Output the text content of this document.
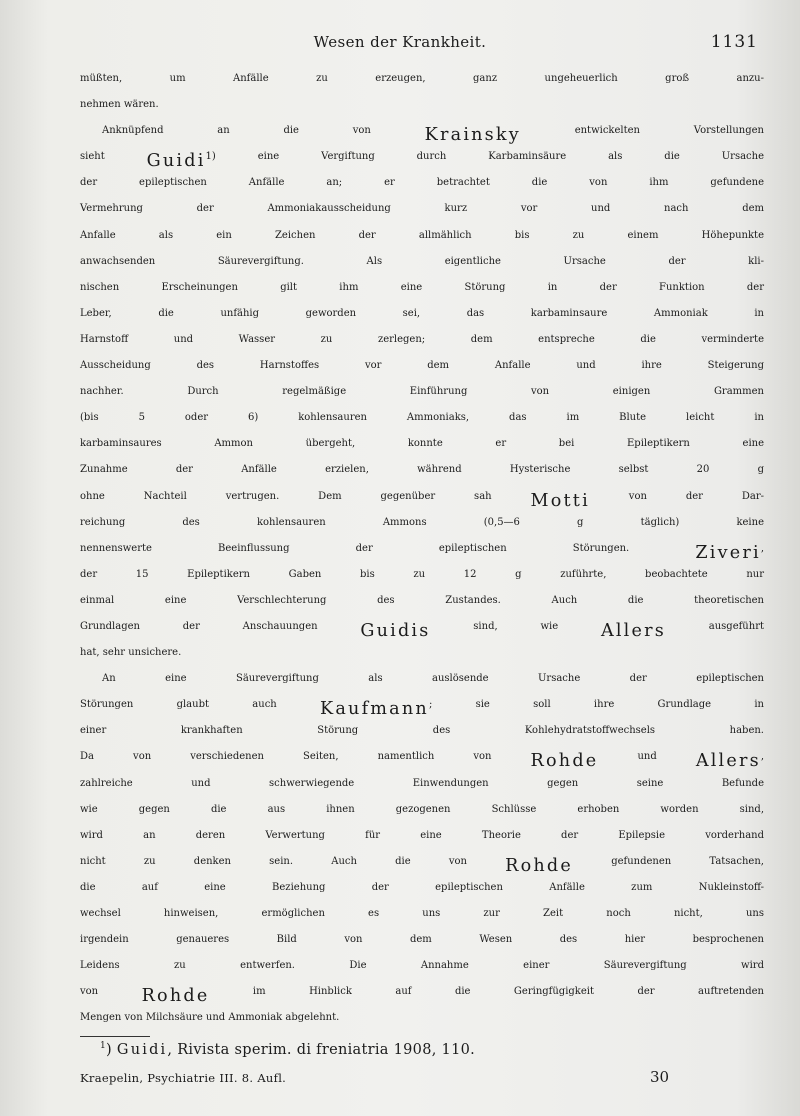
Wesen der Krankheit.	1131
$^{müßten, um Anfälle zu erzeugen, ganz ungeheuerlich groß anzu-}$
$^{nehmen wären.}$
$^{Anknüpfend an die von}$ Krainsky $^{entwickelten Vorstellungen}$
$^{sieht}$ Guidi$^{1) eine Vergiftung durch Karbaminsäure als die Ursache}$
$^{der epileptischen Anfälle an; er betrachtet die von ihm gefundene}$
$^{Vermehrung der Ammoniakausscheidung kurz vor und nach dem}$
$^{Anfalle als ein Zeichen der allmählich bis zu einem Höhepunkte}$
$^{anwachsenden Säurevergiftung. Als eigentliche Ursache der kli-}$
$^{nischen Erscheinungen gilt ihm eine Störung in der Funktion der}$
$^{Leber, die unfähig geworden sei, das karbaminsaure Ammoniak in}$
$^{Harnstoff und Wasser zu zerlegen; dem entspreche die verminderte}$
$^{Ausscheidung des Harnstoffes vor dem Anfalle und ihre Steigerung}$
$^{nachher. Durch regelmäßige Einführung von einigen Grammen}$
$^{(bis 5 oder 6) kohlensauren Ammoniaks, das im Blute leicht in}$
$^{karbaminsaures Ammon übergeht, konnte er bei Epileptikern eine}$
$^{Zunahme der Anfälle erzielen, während Hysterische selbst 20 g}$
$^{ohne Nachteil vertrugen. Dem gegenüber sah}$ Motti $^{von der Dar-}$
$^{reichung des kohlensauren Ammons (0,5—6 g täglich) keine}$
$^{nennenswerte Beeinflussung der epileptischen Störungen.}$ Ziveri,
$^{der 15 Epileptikern Gaben bis zu 12 g zuführte, beobachtete nur}$
$^{einmal eine Verschlechterung des Zustandes. Auch die theoretischen}$
$^{Grundlagen der Anschauungen}$ Guidis $^{sind, wie}$ Allers $^{ausgeführt}$
$^{hat, sehr unsichere.}$
$^{An eine Säurevergiftung als auslösende Ursache der epileptischen}$
$^{Störungen glaubt auch}$ Kaufmann$^{; sie soll ihre Grundlage in}$
$^{einer krankhaften Störung des Kohlehydratstoffwechsels haben.}$
$^{Da von verschiedenen Seiten, namentlich von}$ Rohde $^{und}$ Allers,
$^{zahlreiche und schwerwiegende Einwendungen gegen seine Befunde}$
$^{wie gegen die aus ihnen gezogenen Schlüsse erhoben worden sind,}$
$^{wird an deren Verwertung für eine Theorie der Epilepsie vorderhand}$
$^{nicht zu denken sein. Auch die von}$ Rohde $^{gefundenen Tatsachen,}$
$^{die auf eine Beziehung der epileptischen Anfälle zum Nukleinstoff-}$
$^{wechsel hinweisen, ermöglichen es uns zur Zeit noch nicht, uns}$
$^{irgendein genaueres Bild von dem Wesen des hier besprochenen}$
$^{Leidens zu entwerfen. Die Annahme einer Säurevergiftung wird}$
$^{von}$ Rohde $^{im Hinblick auf die Geringfügigkeit der auftretenden}$
$^{Mengen von Milchsäure und Ammoniak abgelehnt.}$
$^1$) Guidi, Rivista sperim. di freniatria 1908, 110.
Kraepelin, Psychiatrie III. 8. Aufl.	30
